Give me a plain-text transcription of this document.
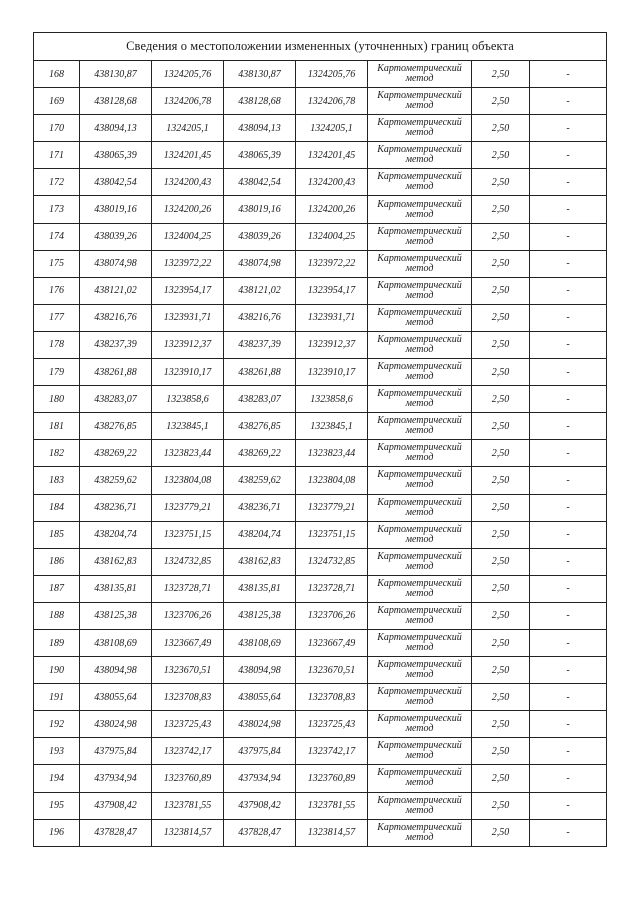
Сведения о местоположении измененных (уточненных) границ объекта							
168	438130,87	1324205,76	438130,87	1324205,76	Картометрический метод	2,50	-
169	438128,68	1324206,78	438128,68	1324206,78	Картометрический метод	2,50	-
170	438094,13	1324205,1	438094,13	1324205,1	Картометрический метод	2,50	-
171	438065,39	1324201,45	438065,39	1324201,45	Картометрический метод	2,50	-
172	438042,54	1324200,43	438042,54	1324200,43	Картометрический метод	2,50	-
173	438019,16	1324200,26	438019,16	1324200,26	Картометрический метод	2,50	-
174	438039,26	1324004,25	438039,26	1324004,25	Картометрический метод	2,50	-
175	438074,98	1323972,22	438074,98	1323972,22	Картометрический метод	2,50	-
176	438121,02	1323954,17	438121,02	1323954,17	Картометрический метод	2,50	-
177	438216,76	1323931,71	438216,76	1323931,71	Картометрический метод	2,50	-
178	438237,39	1323912,37	438237,39	1323912,37	Картометрический метод	2,50	-
179	438261,88	1323910,17	438261,88	1323910,17	Картометрический метод	2,50	-
180	438283,07	1323858,6	438283,07	1323858,6	Картометрический метод	2,50	-
181	438276,85	1323845,1	438276,85	1323845,1	Картометрический метод	2,50	-
182	438269,22	1323823,44	438269,22	1323823,44	Картометрический метод	2,50	-
183	438259,62	1323804,08	438259,62	1323804,08	Картометрический метод	2,50	-
184	438236,71	1323779,21	438236,71	1323779,21	Картометрический метод	2,50	-
185	438204,74	1323751,15	438204,74	1323751,15	Картометрический метод	2,50	-
186	438162,83	1324732,85	438162,83	1324732,85	Картометрический метод	2,50	-
187	438135,81	1323728,71	438135,81	1323728,71	Картометрический метод	2,50	-
188	438125,38	1323706,26	438125,38	1323706,26	Картометрический метод	2,50	-
189	438108,69	1323667,49	438108,69	1323667,49	Картометрический метод	2,50	-
190	438094,98	1323670,51	438094,98	1323670,51	Картометрический метод	2,50	-
191	438055,64	1323708,83	438055,64	1323708,83	Картометрический метод	2,50	-
192	438024,98	1323725,43	438024,98	1323725,43	Картометрический метод	2,50	-
193	437975,84	1323742,17	437975,84	1323742,17	Картометрический метод	2,50	-
194	437934,94	1323760,89	437934,94	1323760,89	Картометрический метод	2,50	-
195	437908,42	1323781,55	437908,42	1323781,55	Картометрический метод	2,50	-
196	437828,47	1323814,57	437828,47	1323814,57	Картометрический метод	2,50	-
